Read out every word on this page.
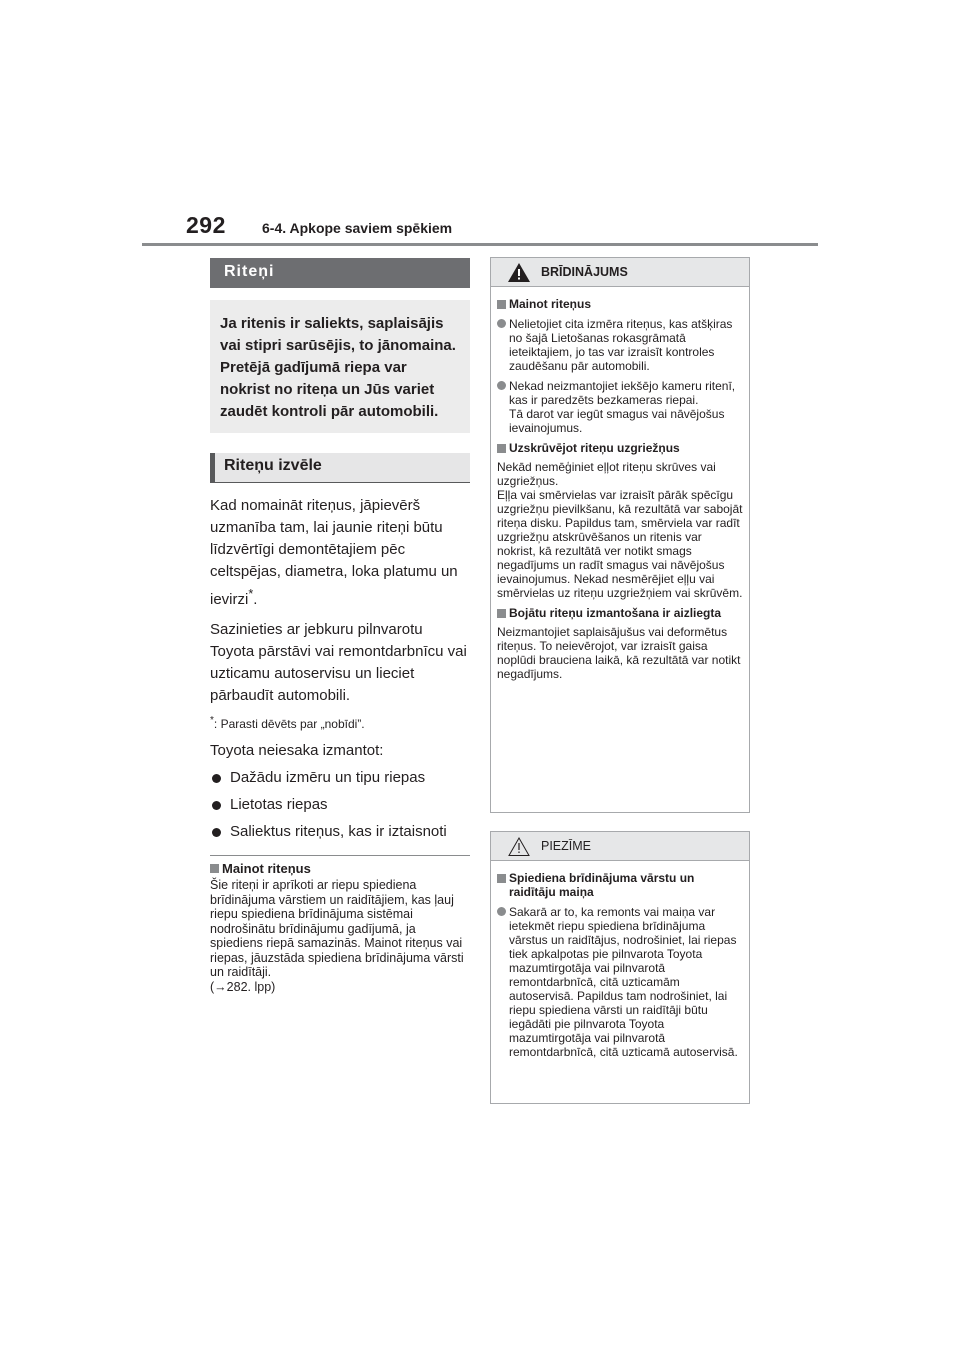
292	6-4. Apkope saviem spēkiem
Riteņi
Ja ritenis ir saliekts, saplaisājis vai stipri sarūsējis, to jānomaina. Pretējā gadījumā riepa var nokrist no riteņa un Jūs variet zaudēt kontroli pār automobili.
Riteņu izvēle

Kad nomaināt riteņus, jāpievērš uzmanība tam, lai jaunie riteņi būtu līdzvērtīgi demontētajiem pēc celtspējas, diametra, loka platumu un ievirzi*.

Sazinieties ar jebkuru pilnvarotu Toyota pārstāvi vai remontdarbnīcu vai uzticamu autoservisu un lieciet pārbaudīt automobili.

*: Parasti dēvēts par „nobīdi”.

Toyota neiesaka izmantot:

Dažādu izmēru un tipu riepas
Lietotas riepas
Saliektus riteņus, kas ir iztaisnoti
Mainot riteņus

Šie riteņi ir aprīkoti ar riepu spiediena brīdinājuma vārstiem un raidītājiem, kas ļauj riepu spiediena brīdinājuma sistēmai nodrošinātu brīdinājumu gadījumā, ja spiediens riepā samazinās. Mainot riteņus vai riepas, jāuzstāda spiediena brīdinājuma vārsti un raidītāji.
(→282. lpp)

BRĪDINĀJUMS
Mainot riteņus
Nelietojiet cita izmēra riteņus, kas atšķiras no šajā Lietošanas rokasgrāmatā ieteiktajiem, jo tas var izraisīt kontroles zaudēšanu pār automobili.
Nekad neizmantojiet iekšējo kameru ritenī, kas ir paredzēts bezkameras riepai.
Tā darot var iegūt smagus vai nāvējošus ievainojumus.
Uzskrūvējot riteņu uzgriežņus

Nekād nemēģiniet eļļot riteņu skrūves vai uzgriežņus.
Eļļa vai smērvielas var izraisīt pārāk spēcīgu uzgriežņu pievilkšanu, kā rezultātā var sabojāt riteņa disku. Papildus tam, smērviela var radīt uzgriežņu atskrūvēšanos un ritenis var nokrist, kā rezultātā ver notikt smags negadījums un radīt smagus vai nāvējošus ievainojumus. Nekad nesmērējiet eļļu vai smērvielas uz riteņu uzgriežņiem vai skrūvēm.

Bojātu riteņu izmantošana ir aizliegta

Neizmantojiet saplaisājušus vai deformētus riteņus. To neievērojot, var izraisīt gaisa noplūdi brauciena laikā, kā rezultātā var notikt negadījums.

PIEZĪME
Spiediena brīdinājuma vārstu un raidītāju maiņa
Sakarā ar to, ka remonts vai maiņa var ietekmēt riepu spiediena brīdinājuma vārstus un raidītājus, nodrošiniet, lai riepas tiek apkalpotas pie pilnvarota Toyota mazumtirgotāja vai pilnvarotā remontdarbnīcā, citā uzticamām autoservisā. Papildus tam nodrošiniet, lai riepu spiediena vārsti un raidītāji būtu iegādāti pie pilnvarota Toyota mazumtirgotāja vai pilnvarotā remontdarbnīcā, citā uzticamā autoservisā.
